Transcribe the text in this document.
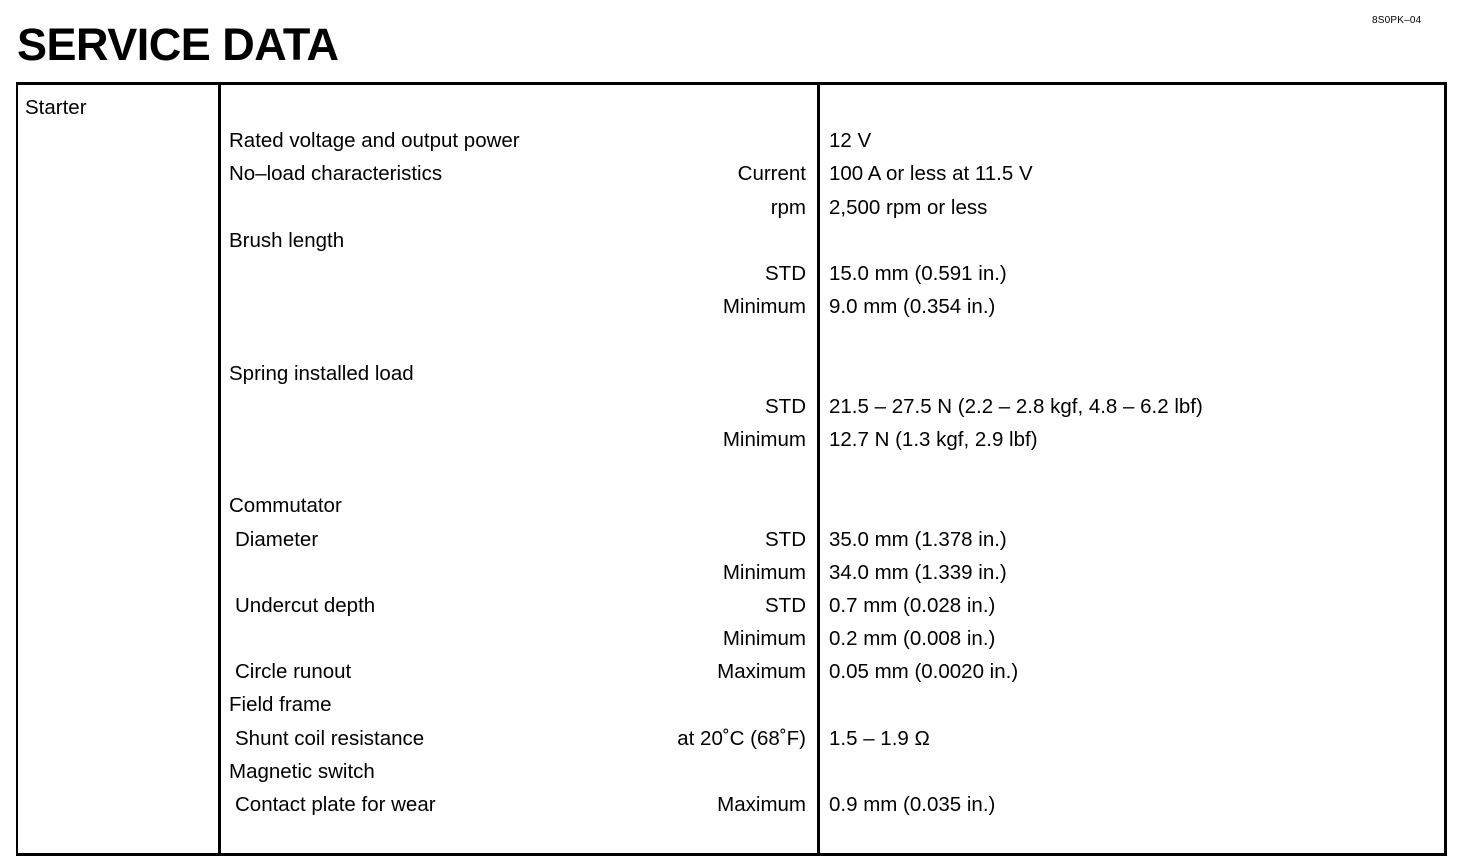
8S0PK–04
SERVICE DATA
Starter
Rated voltage and output power	12 V
No–load characteristics	Current 100 A or less at 11.5 V
rpm 2,500 rpm or less
Brush length
STD 15.0 mm (0.591 in.)
Minimum 9.0 mm (0.354 in.)
Spring installed load
STD 21.5 – 27.5 N (2.2 – 2.8 kgf, 4.8 – 6.2 lbf)
Minimum 12.7 N (1.3 kgf, 2.9 lbf)
Commutator
Diameter	STD 35.0 mm (1.378 in.)
Minimum 34.0 mm (1.339 in.)
Undercut depth	STD 0.7 mm (0.028 in.)
Minimum 0.2 mm (0.008 in.)
Circle runout	Maximum 0.05 mm (0.0020 in.)
Field frame
Shunt coil resistance	at 20˚C (68˚F) 1.5 – 1.9 Ω
Magnetic switch
Contact plate for wear	Maximum 0.9 mm (0.035 in.)
